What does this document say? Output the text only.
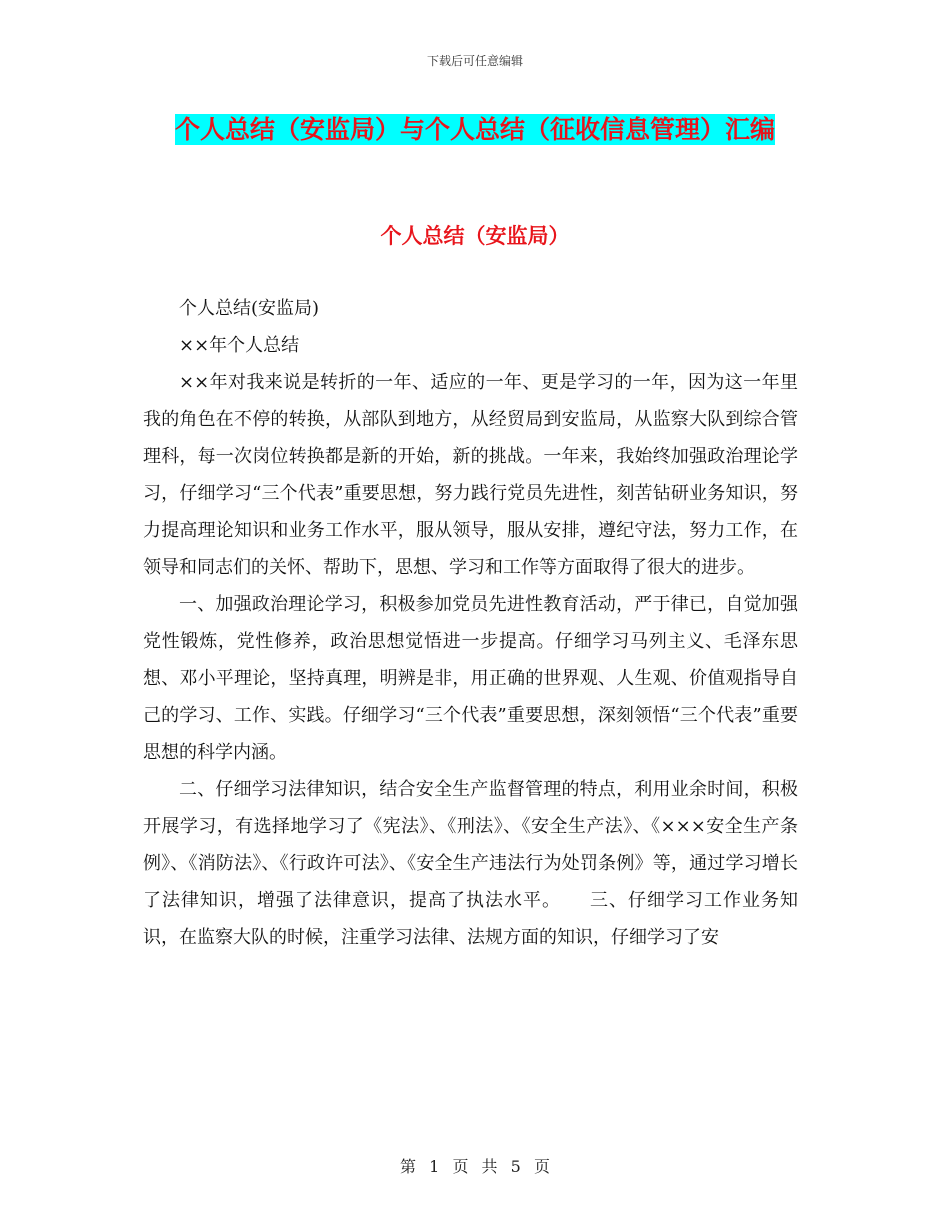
下载后可任意编辑
个人总结（安监局）与个人总结（征收信息管理）汇编
个人总结（安监局）

个人总结(安监局)

××年个人总结

××年对我来说是转折的一年、适应的一年、更是学习的一年，因为这一年里我的角色在不停的转换，从部队到地方，从经贸局到安监局，从监察大队到综合管理科，每一次岗位转换都是新的开始，新的挑战。一年来，我始终加强政治理论学习，仔细学习“三个代表”重要思想，努力践行党员先进性，刻苦钻研业务知识，努力提高理论知识和业务工作水平，服从领导，服从安排，遵纪守法，努力工作，在领导和同志们的关怀、帮助下，思想、学习和工作等方面取得了很大的进步。

一、加强政治理论学习，积极参加党员先进性教育活动，严于律已，自觉加强党性锻炼，党性修养，政治思想觉悟进一步提高。仔细学习马列主义、毛泽东思想、邓小平理论，坚持真理，明辨是非，用正确的世界观、人生观、价值观指导自己的学习、工作、实践。仔细学习“三个代表”重要思想，深刻领悟“三个代表”重要思想的科学内涵。

二、仔细学习法律知识，结合安全生产监督管理的特点，利用业余时间，积极开展学习，有选择地学习了《宪法》、《刑法》、《安全生产法》、《×××安全生产条例》、《消防法》、《行政许可法》、《安全生产违法行为处罚条例》等，通过学习增长了法律知识，增强了法律意识，提高了执法水平。　　三、仔细学习工作业务知识，在监察大队的时候，注重学习法律、法规方面的知识，仔细学习了安

第 1 页 共 5 页
